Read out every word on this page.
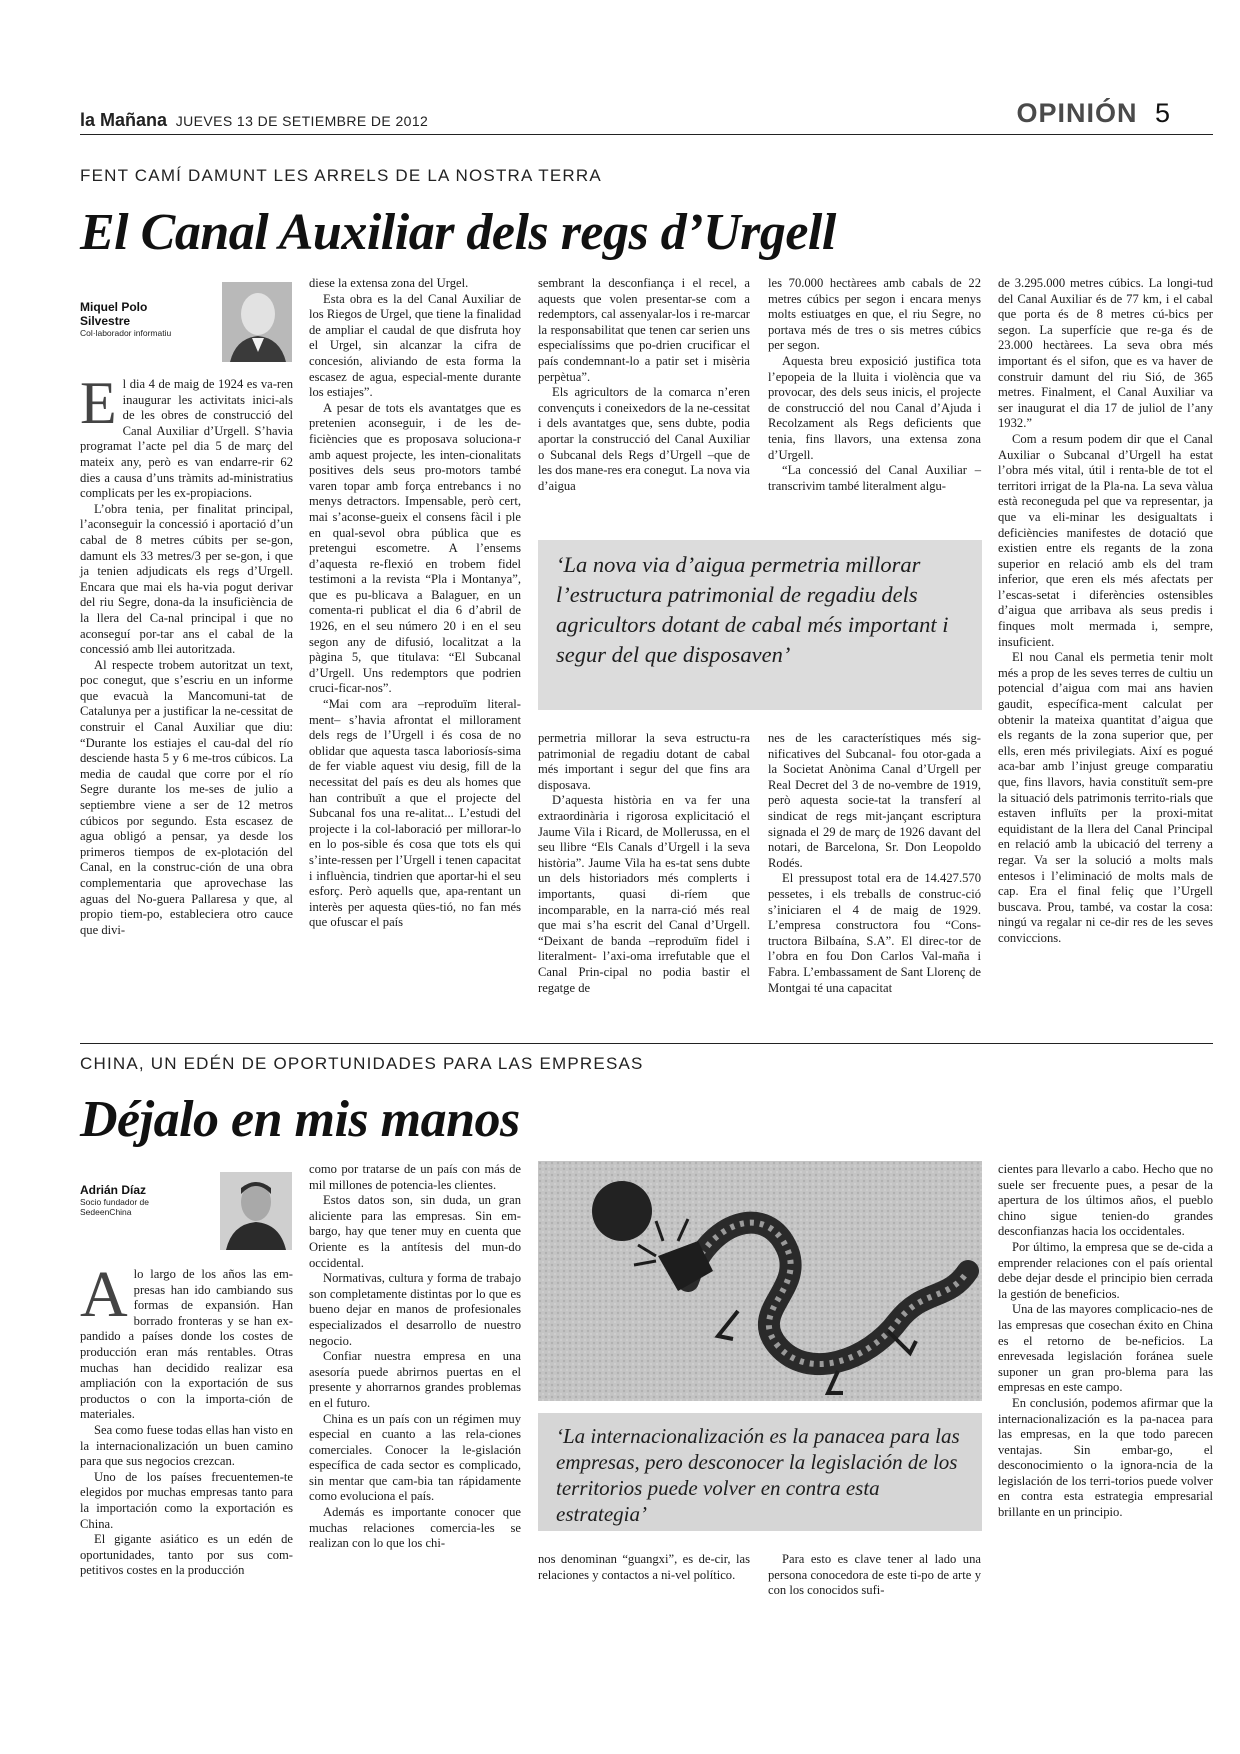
la Mañana JUEVES 13 DE SETIEMBRE DE 2012	OPINIÓN 5
FENT CAMÍ DAMUNT LES ARRELS DE LA NOSTRA TERRA
El Canal Auxiliar dels regs d’Urgell
Miquel Polo
Silvestre
Col·laborador informatiu

El dia 4 de maig de 1924 es va-ren inaugurar les activitats inici-als de les obres de construcció del Canal Auxiliar d’Urgell. S’havia programat l’acte pel dia 5 de març del mateix any, però es van endarre-rir 62 dies a causa d’uns tràmits ad-ministratius complicats per les ex-propiacions.

L’obra tenia, per finalitat principal, l’aconseguir la concessió i aportació d’un cabal de 8 metres cúbits per se-gon, damunt els 33 metres/3 per se-gon, i que ja tenien adjudicats els regs d’Urgell. Encara que mai els ha-via pogut derivar del riu Segre, dona-da la insuficiència de la llera del Ca-nal principal i que no aconseguí por-tar ans el cabal de la concessió amb llei autoritzada.

Al respecte trobem autoritzat un text, poc conegut, que s’escriu en un informe que evacuà la Mancomuni-tat de Catalunya per a justificar la ne-cessitat de construir el Canal Auxiliar que diu: “Durante los estiajes el cau-dal del río desciende hasta 5 y 6 me-tros cúbicos. La media de caudal que corre por el río Segre durante los me-ses de julio a septiembre viene a ser de 12 metros cúbicos por segundo. Esta escasez de agua obligó a pensar, ya desde los primeros tiempos de ex-plotación del Canal, en la construc-ción de una obra complementaria que aprovechase las aguas del No-guera Pallaresa y que, al propio tiem-po, estableciera otro cauce que divi-

diese la extensa zona del Urgel.

Esta obra es la del Canal Auxiliar de los Riegos de Urgel, que tiene la finalidad de ampliar el caudal de que disfruta hoy el Urgel, sin alcanzar la cifra de concesión, aliviando de esta forma la escasez de agua, especial-mente durante los estiajes”.

A pesar de tots els avantatges que es pretenien aconseguir, i de les de-ficiències que es proposava soluciona-r amb aquest projecte, les inten-cionalitats positives dels seus pro-motors també varen topar amb força entrebancs i no menys detractors. Impensable, però cert, mai s’aconse-gueix el consens fàcil i ple en qual-sevol obra pública que es pretengui escometre. A l’ensems d’aquesta re-flexió en trobem fidel testimoni a la revista “Pla i Montanya”, que es pu-blicava a Balaguer, en un comenta-ri publicat el dia 6 d’abril de 1926, en el seu número 20 i en el seu segon any de difusió, localitzat a la pàgina 5, que titulava: “El Subcanal d’Urgell. Uns redemptors que podrien cruci-ficar-nos”.

“Mai com ara –reproduïm literal-ment– s’havia afrontat el millorament dels regs de l’Urgell i és cosa de no oblidar que aquesta tasca laboriosís-sima de fer viable aquest viu desig, fill de la necessitat del país es deu als homes que han contribuït a que el projecte del Subcanal fos una re-alitat... L’estudi del projecte i la col-laboració per millorar-lo en lo pos-sible és cosa que tots els qui s’inte-ressen per l’Urgell i tenen capacitat i influència, tindrien que aportar-hi el seu esforç. Però aquells que, apa-rentant un interès per aquesta qües-tió, no fan més que ofuscar el país

sembrant la desconfiança i el recel, a aquests que volen presentar-se com a redemptors, cal assenyalar-los i re-marcar la responsabilitat que tenen car serien uns especialíssims que po-drien crucificar el país condemnant-lo a patir set i misèria perpètua”.

Els agricultors de la comarca n’eren convençuts i coneixedors de la ne-cessitat i dels avantatges que, sens dubte, podia aportar la construcció del Canal Auxiliar o Subcanal dels Regs d’Urgell –que de les dos mane-res era conegut. La nova via d’aigua

les 70.000 hectàrees amb cabals de 22 metres cúbics per segon i encara menys molts estiuatges en que, el riu Segre, no portava més de tres o sis metres cúbics per segon.

Aquesta breu exposició justifica tota l’epopeia de la lluita i violència que va provocar, des dels seus inicis, el projecte de construcció del nou Canal d’Ajuda i Recolzament als Regs deficients que tenia, fins llavors, una extensa zona d’Urgell.

“La concessió del Canal Auxiliar –transcrivim també literalment algu-

‘La nova via d’aigua permetria millorar l’estructura patrimonial de regadiu dels agricultors dotant de cabal més important i segur del que disposaven’

permetria millorar la seva estructu-ra patrimonial de regadiu dotant de cabal més important i segur del que fins ara disposava.

D’aquesta història en va fer una extraordinària i rigorosa explicitació el Jaume Vila i Ricard, de Mollerussa, en el seu llibre “Els Canals d’Urgell i la seva història”. Jaume Vila ha es-tat sens dubte un dels historiadors més complerts i importants, quasi di-ríem que incomparable, en la narra-ció més real que mai s’ha escrit del Canal d’Urgell. “Deixant de banda –reproduïm fidel i literalment- l’axi-oma irrefutable que el Canal Prin-cipal no podia bastir el regatge de

nes de les característiques més sig-nificatives del Subcanal- fou otor-gada a la Societat Anònima Canal d’Urgell per Real Decret del 3 de no-vembre de 1919, però aquesta socie-tat la transferí al sindicat de regs mit-jançant escriptura signada el 29 de març de 1926 davant del notari, de Barcelona, Sr. Don Leopoldo Rodés.

El pressupost total era de 14.427.570 pessetes, i els treballs de construc-ció s’iniciaren el 4 de maig de 1929. L’empresa constructora fou “Cons-tructora Bilbaína, S.A”. El direc-tor de l’obra en fou Don Carlos Val-maña i Fabra. L’embassament de Sant Llorenç de Montgai té una capacitat

de 3.295.000 metres cúbics. La longi-tud del Canal Auxiliar és de 77 km, i el cabal que porta és de 8 metres cú-bics per segon. La superfície que re-ga és de 23.000 hectàrees. La seva obra més important és el sifon, que es va haver de construir damunt del riu Sió, de 365 metres. Finalment, el Canal Auxiliar va ser inaugurat el dia 17 de juliol de l’any 1932.”

Com a resum podem dir que el Canal Auxiliar o Subcanal d’Urgell ha estat l’obra més vital, útil i renta-ble de tot el territori irrigat de la Pla-na. La seva vàlua està reconeguda pel que va representar, ja que va eli-minar les desigualtats i deficiències manifestes de dotació que existien entre els regants de la zona superior en relació amb els del tram inferior, que eren els més afectats per l’escas-setat i diferències ostensibles d’aigua que arribava als seus predis i finques molt mermada i, sempre, insuficient.

El nou Canal els permetia tenir molt més a prop de les seves terres de cultiu un potencial d’aigua com mai ans havien gaudit, específica-ment calculat per obtenir la mateixa quantitat d’aigua que els regants de la zona superior que, per ells, eren més privilegiats. Així es pogué aca-bar amb l’injust greuge comparatiu que, fins llavors, havia constituït sem-pre la situació dels patrimonis territo-rials que estaven influïts per la proxi-mitat equidistant de la llera del Canal Principal en relació amb la ubicació del terreny a regar. Va ser la solució a molts mals entesos i l’eliminació de molts mals de cap. Era el final feliç que l’Urgell buscava. Prou, també, va costar la cosa: ningú va regalar ni ce-dir res de les seves conviccions.

CHINA, UN EDÉN DE OPORTUNIDADES PARA LAS EMPRESAS
Déjalo en mis manos
Adrián Díaz
Socio fundador de
SedeenChina

Alo largo de los años las em-presas han ido cambiando sus formas de expansión. Han borrado fronteras y se han ex-pandido a países donde los costes de producción eran más rentables. Otras muchas han decidido realizar esa ampliación con la exportación de sus productos o con la importa-ción de materiales.

Sea como fuese todas ellas han visto en la internacionalización un buen camino para que sus negocios crezcan.

Uno de los países frecuentemen-te elegidos por muchas empresas tanto para la importación como la exportación es China.

El gigante asiático es un edén de oportunidades, tanto por sus com-petitivos costes en la producción

como por tratarse de un país con más de mil millones de potencia-les clientes.

Estos datos son, sin duda, un gran aliciente para las empresas. Sin em-bargo, hay que tener muy en cuenta que Oriente es la antítesis del mun-do occidental.

Normativas, cultura y forma de trabajo son completamente distintas por lo que es bueno dejar en manos de profesionales especializados el desarrollo de nuestro negocio.

Confiar nuestra empresa en una asesoría puede abrirnos puertas en el presente y ahorrarnos grandes problemas en el futuro.

China es un país con un régimen muy especial en cuanto a las rela-ciones comerciales. Conocer la le-gislación específica de cada sector es complicado, sin mentar que cam-bia tan rápidamente como evoluciona el país.

Además es importante conocer que muchas relaciones comercia-les se realizan con lo que los chi-

‘La internacionalización es la panacea para las empresas, pero desconocer la legislación de los territorios puede volver en contra esta estrategia’

nos denominan “guangxi”, es de-cir, las relaciones y contactos a ni-vel político.

Para esto es clave tener al lado una persona conocedora de este ti-po de arte y con los conocidos sufi-

cientes para llevarlo a cabo. Hecho que no suele ser frecuente pues, a pesar de la apertura de los últimos años, el pueblo chino sigue tenien-do grandes desconfianzas hacia los occidentales.

Por último, la empresa que se de-cida a emprender relaciones con el país oriental debe dejar desde el principio bien cerrada la gestión de beneficios.

Una de las mayores complicacio-nes de las empresas que cosechan éxito en China es el retorno de be-neficios. La enrevesada legislación foránea suele suponer un gran pro-blema para las empresas en este campo.

En conclusión, podemos afirmar que la internacionalización es la pa-nacea para las empresas, en la que todo parecen ventajas. Sin embar-go, el desconocimiento o la ignora-ncia de la legislación de los terri-torios puede volver en contra esta estrategia empresarial brillante en un principio.
